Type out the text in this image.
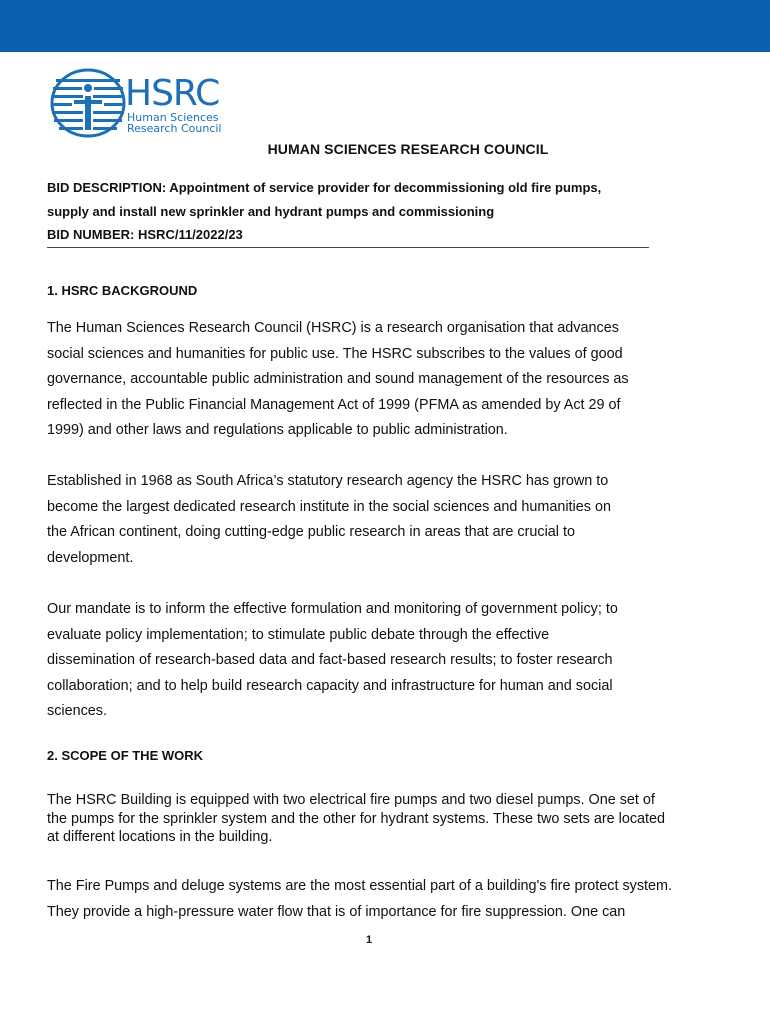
HSRC
Human Sciences
Research Council
HUMAN SCIENCES RESEARCH COUNCIL
BID DESCRIPTION: Appointment of service provider for decommissioning old fire pumps,
supply and install new sprinkler and hydrant pumps and commissioning
BID NUMBER: HSRC/11/2022/23
1. HSRC BACKGROUND
The Human Sciences Research Council (HSRC) is a research organisation that advances
social sciences and humanities for public use. The HSRC subscribes to the values of good
governance, accountable public administration and sound management of the resources as
reflected in the Public Financial Management Act of 1999 (PFMA as amended by Act 29 of
1999) and other laws and regulations applicable to public administration.
Established in 1968 as South Africa’s statutory research agency the HSRC has grown to
become the largest dedicated research institute in the social sciences and humanities on
the African continent, doing cutting-edge public research in areas that are crucial to
development.
Our mandate is to inform the effective formulation and monitoring of government policy; to
evaluate policy implementation; to stimulate public debate through the effective
dissemination of research-based data and fact-based research results; to foster research
collaboration; and to help build research capacity and infrastructure for human and social
sciences.
2. SCOPE OF THE WORK
The HSRC Building is equipped with two electrical fire pumps and two diesel pumps. One set of
the pumps for the sprinkler system and the other for hydrant systems. These two sets are located
at different locations in the building.
The Fire Pumps and deluge systems are the most essential part of a building's fire protect system.
They provide a high-pressure water flow that is of importance for fire suppression. One can
1
